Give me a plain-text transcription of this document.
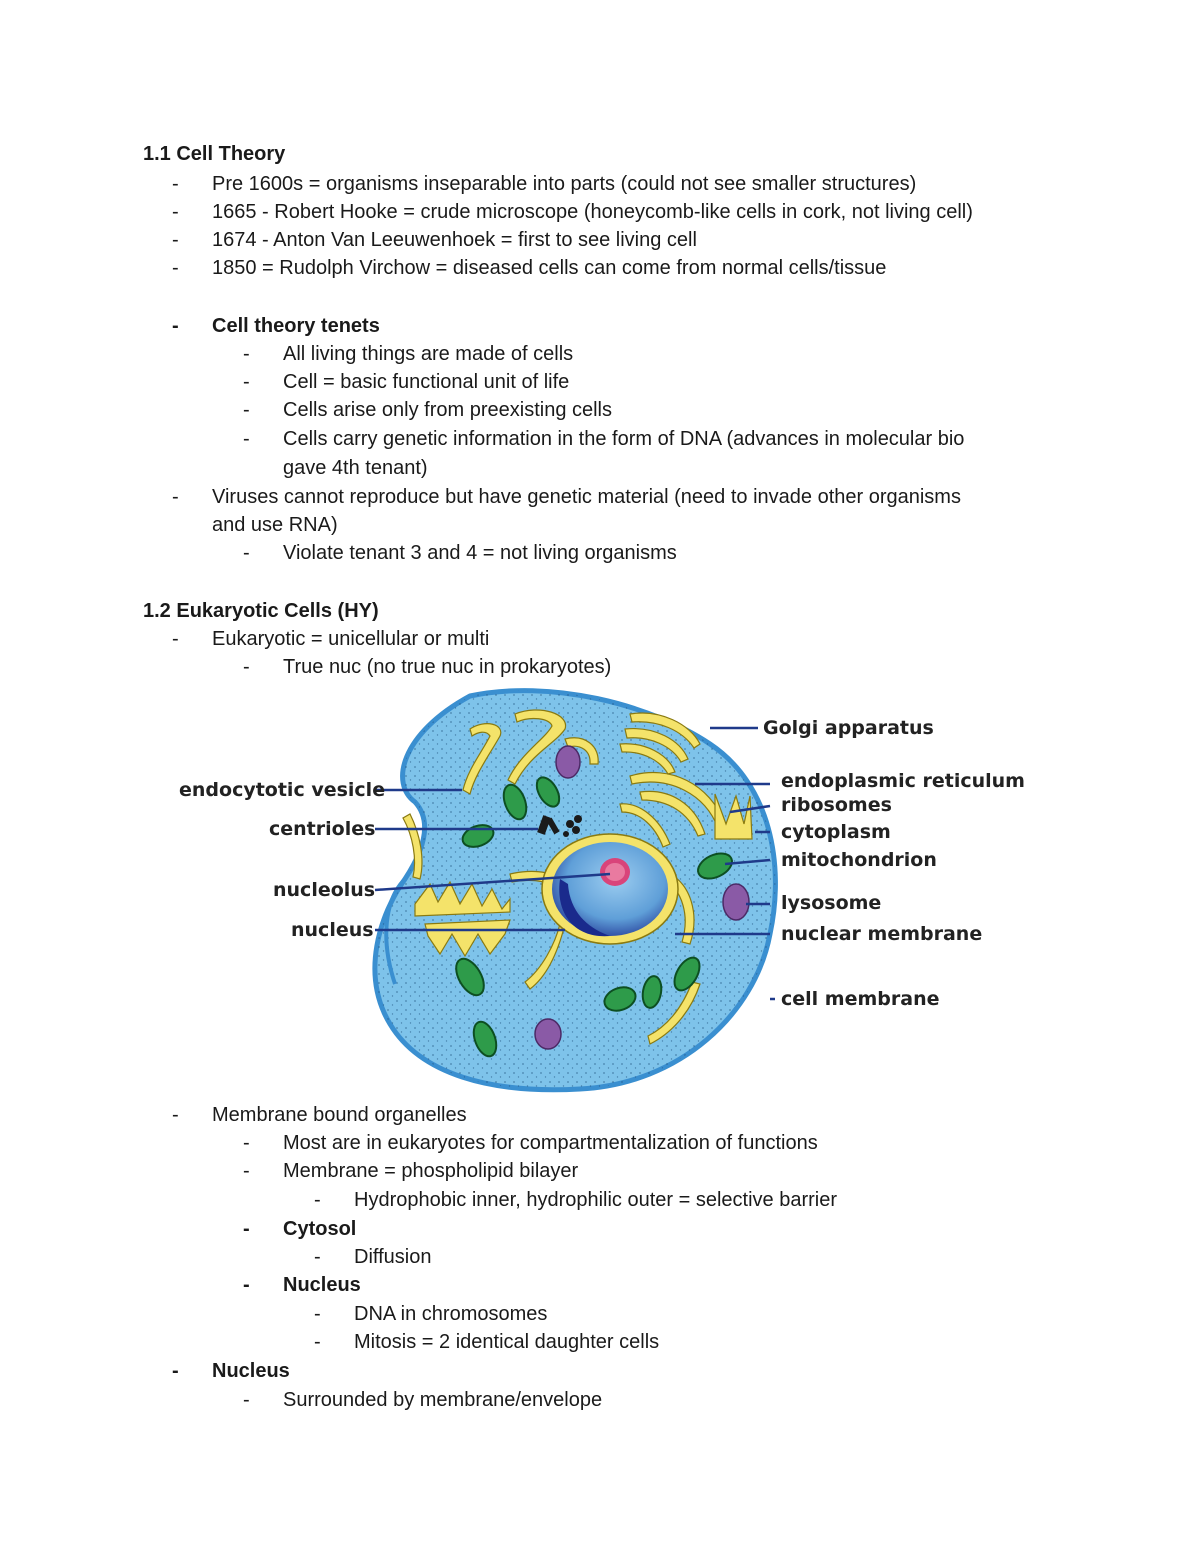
1.1 Cell Theory
- Pre 1600s = organisms inseparable into parts (could not see smaller structures)
- 1665 - Robert Hooke = crude microscope (honeycomb-like cells in cork, not living cell)
- 1674 - Anton Van Leeuwenhoek = first to see living cell
- 1850 = Rudolph Virchow = diseased cells can come from normal cells/tissue
- Cell theory tenets
- All living things are made of cells
- Cell = basic functional unit of life
- Cells arise only from preexisting cells
- Cells carry genetic information in the form of DNA (advances in molecular bio
gave 4th tenant)
- Viruses cannot reproduce but have genetic material (need to invade other organisms
and use RNA)
- Violate tenant 3 and 4 = not living organisms
1.2 Eukaryotic Cells (HY)
- Eukaryotic = unicellular or multi
- True nuc (no true nuc in prokaryotes)
endocytotic vesicle
centrioles
nucleolus
nucleus
Golgi apparatus
endoplasmic reticulum
ribosomes
cytoplasm
mitochondrion
lysosome
nuclear membrane
cell membrane
- Membrane bound organelles
- Most are in eukaryotes for compartmentalization of functions
- Membrane = phospholipid bilayer
- Hydrophobic inner, hydrophilic outer = selective barrier
- Cytosol
- Diffusion
- Nucleus
- DNA in chromosomes
- Mitosis = 2 identical daughter cells
- Nucleus
- Surrounded by membrane/envelope
